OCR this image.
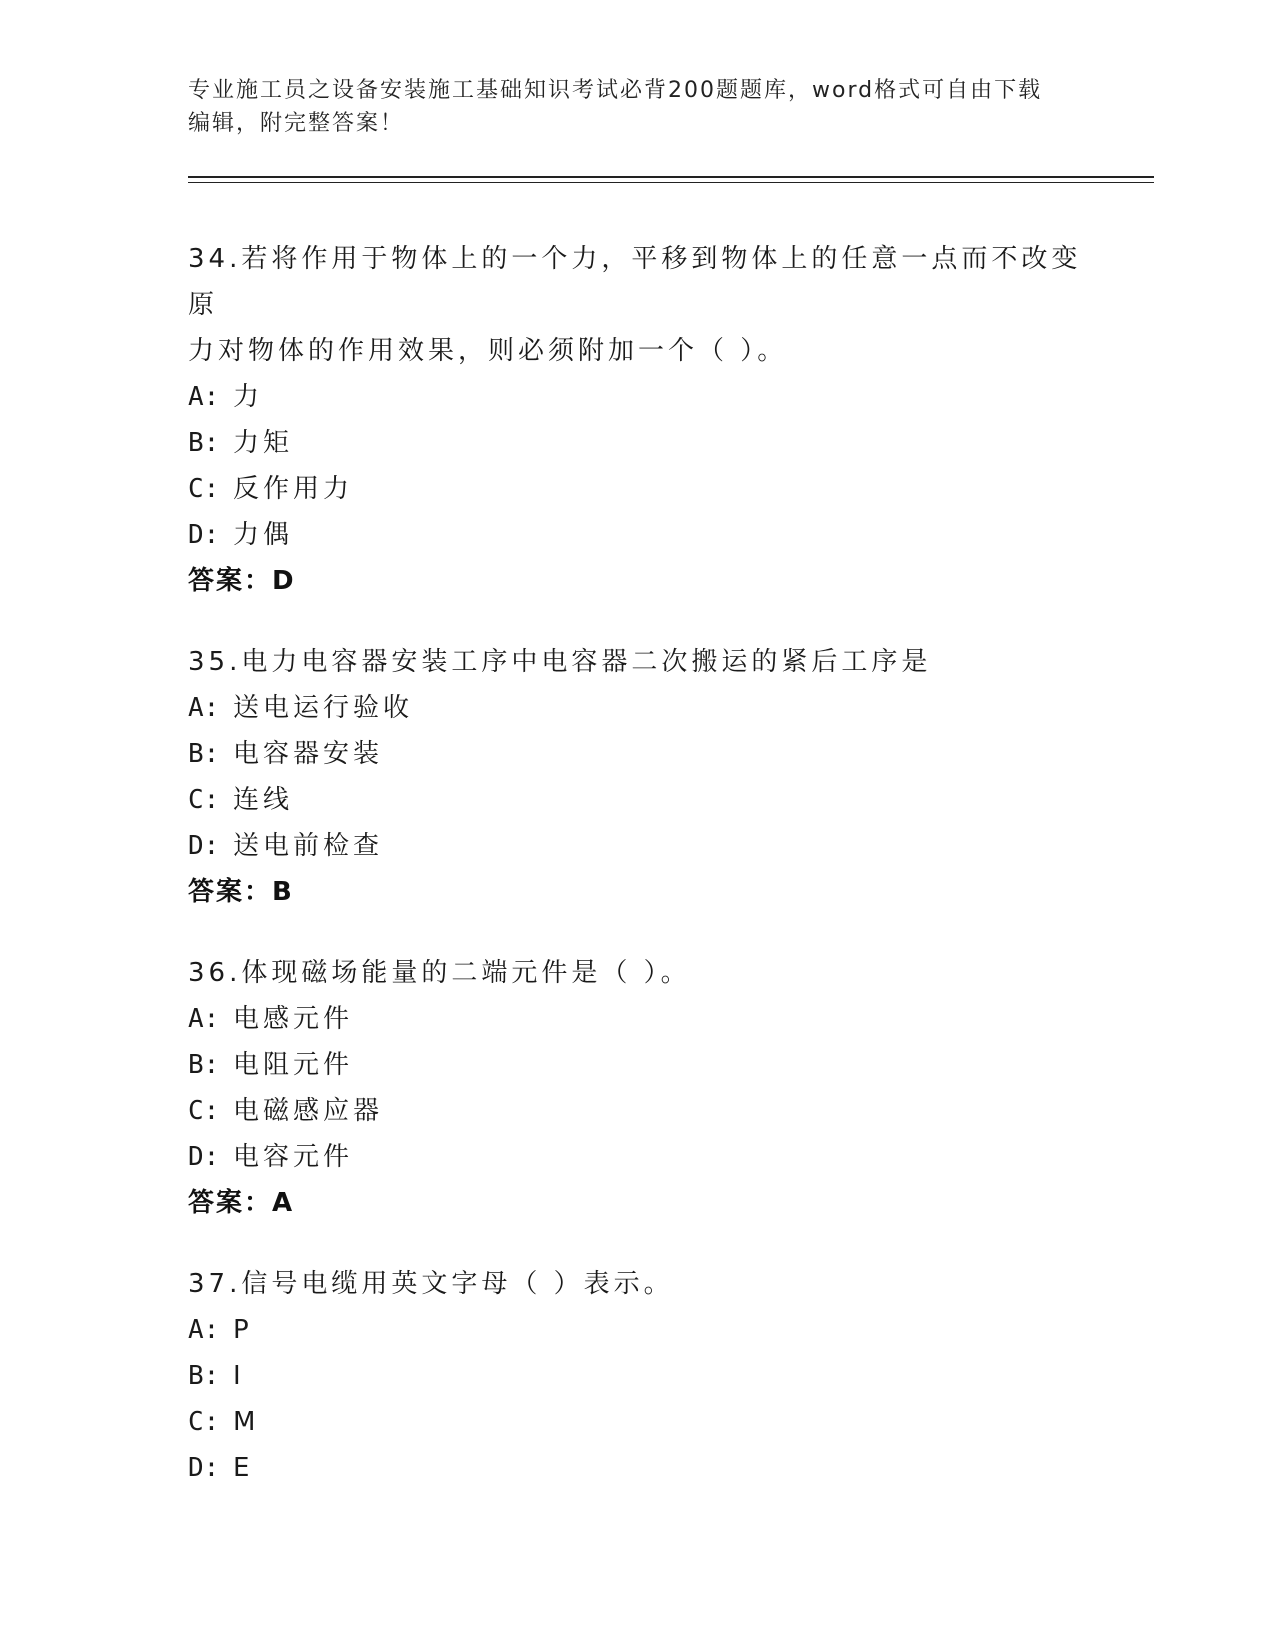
专业施工员之设备安装施工基础知识考试必背200题题库，word格式可自由下载
编辑，附完整答案！
34.若将作用于物体上的一个力，平移到物体上的任意一点而不改变原
力对物体的作用效果，则必须附加一个（ ）。
A: 力
B: 力矩
C: 反作用力
D: 力偶
答案：D
35.电力电容器安装工序中电容器二次搬运的紧后工序是
A: 送电运行验收
B: 电容器安装
C: 连线
D: 送电前检查
答案：B
36.体现磁场能量的二端元件是（ ）。
A: 电感元件
B: 电阻元件
C: 电磁感应器
D: 电容元件
答案：A
37.信号电缆用英文字母（ ）表示。
A: P
B: I
C: M
D: E
